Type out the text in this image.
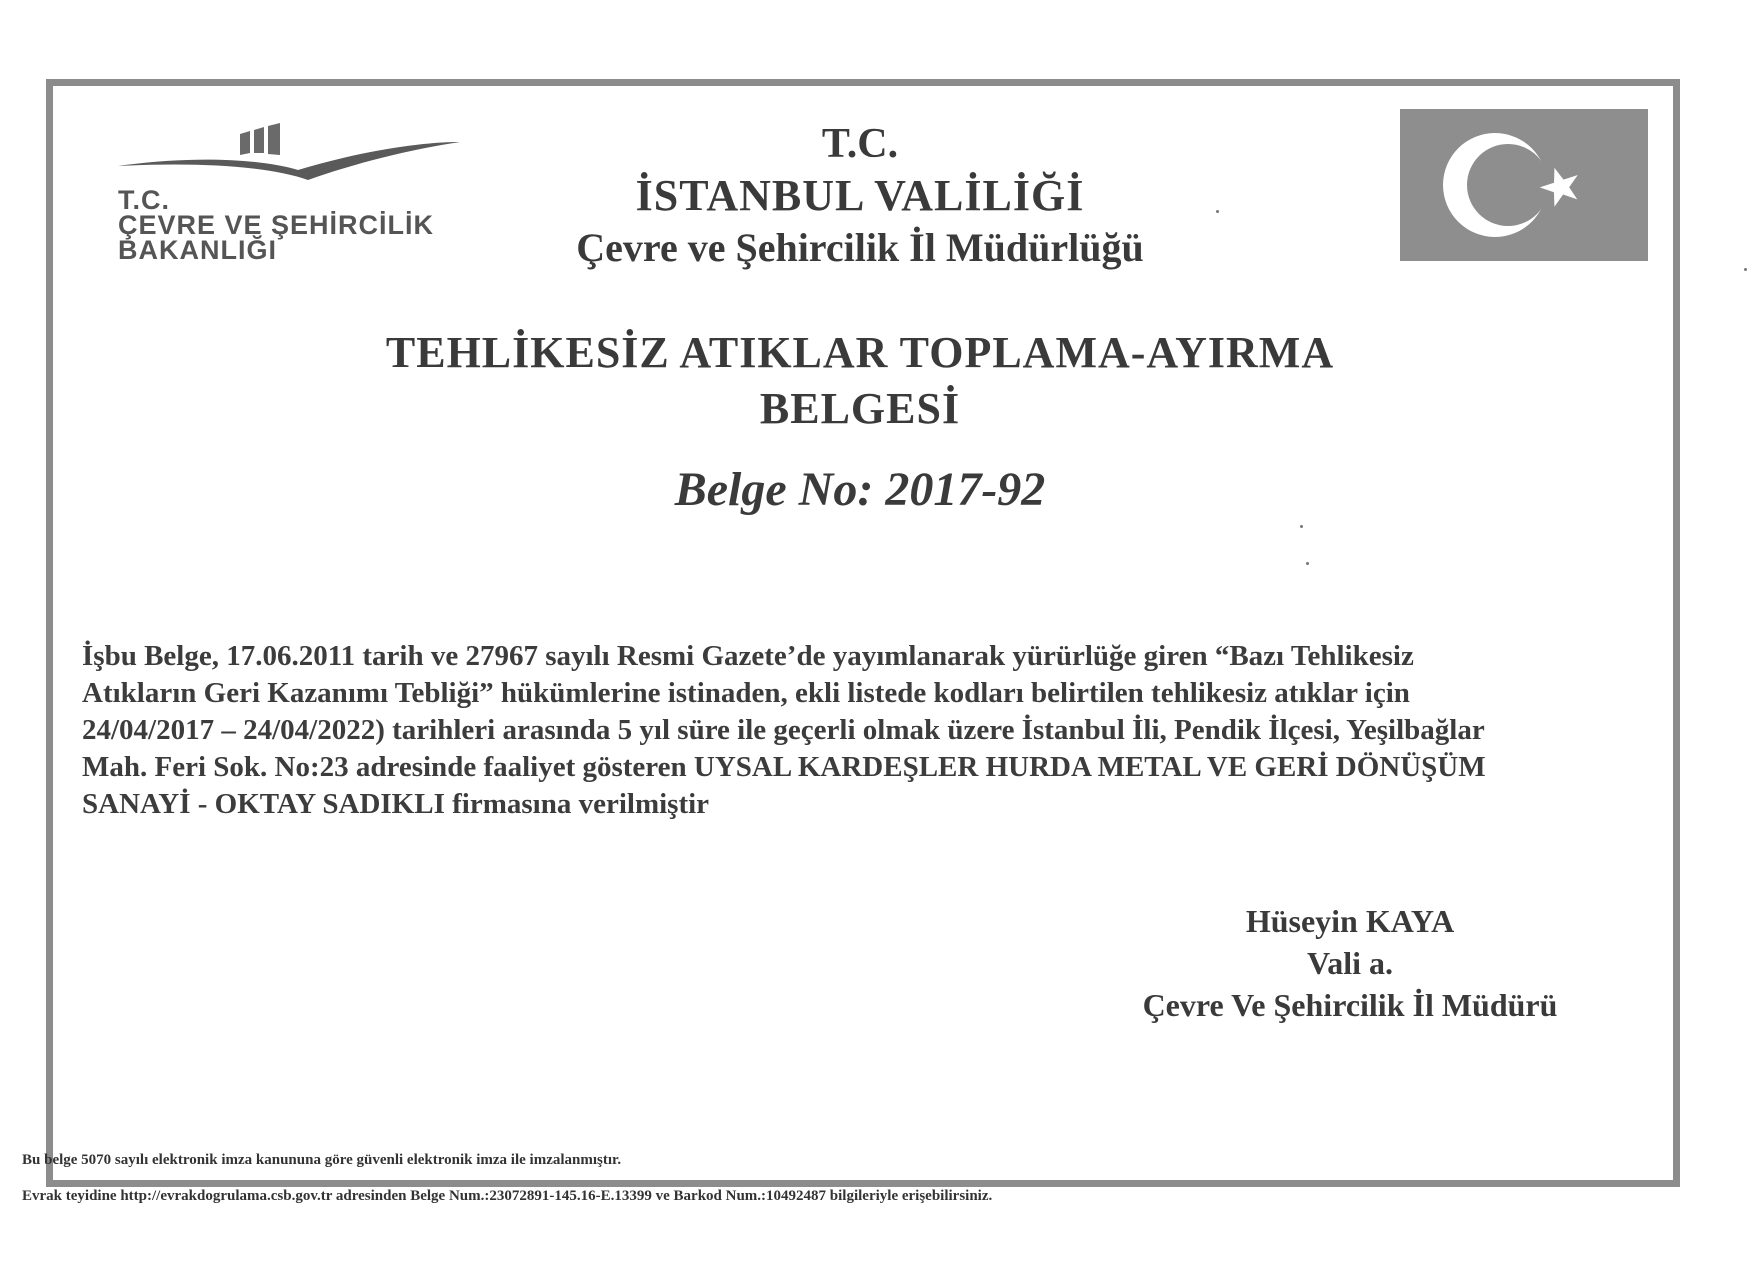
T.C.
ÇEVRE VE ŞEHİRCİLİK
BAKANLIĞI
T.C.
İSTANBUL VALİLİĞİ
Çevre ve Şehircilik İl Müdürlüğü
TEHLİKESİZ ATIKLAR TOPLAMA-AYIRMA
BELGESİ
Belge No: 2017-92
İşbu Belge, 17.06.2011 tarih ve 27967 sayılı Resmi Gazete’de yayımlanarak yürürlüğe giren “Bazı Tehlikesiz
Atıkların Geri Kazanımı Tebliği” hükümlerine istinaden, ekli listede kodları belirtilen tehlikesiz atıklar için
24/04/2017 – 24/04/2022) tarihleri arasında 5 yıl süre ile geçerli olmak üzere İstanbul İli, Pendik İlçesi, Yeşilbağlar
Mah. Feri Sok. No:23 adresinde faaliyet gösteren UYSAL KARDEŞLER HURDA METAL VE GERİ DÖNÜŞÜM
SANAYİ - OKTAY SADIKLI firmasına verilmiştir
Hüseyin KAYA
Vali a.
Çevre Ve Şehircilik İl Müdürü
Bu belge 5070 sayılı elektronik imza kanununa göre güvenli elektronik imza ile imzalanmıştır.
Evrak teyidine http://evrakdogrulama.csb.gov.tr adresinden Belge Num.:23072891-145.16-E.13399 ve Barkod Num.:10492487 bilgileriyle erişebilirsiniz.
